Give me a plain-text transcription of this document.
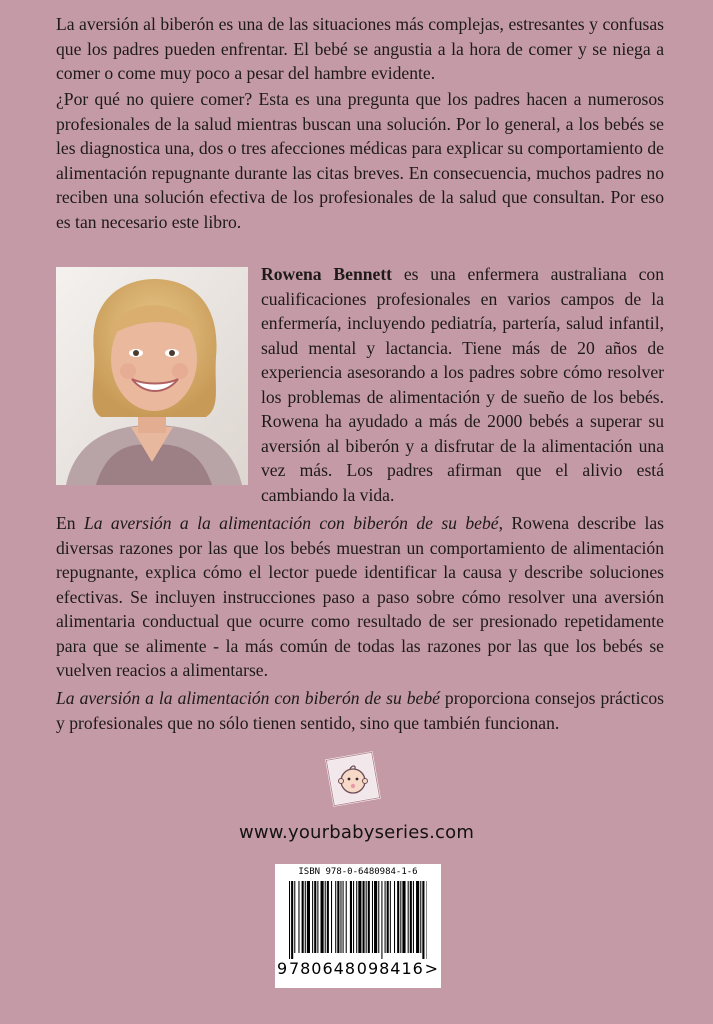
La aversión al biberón es una de las situaciones más complejas, estresantes y confusas que los padres pueden enfrentar. El bebé se angustia a la hora de comer y se niega a comer o come muy poco a pesar del hambre evidente.

¿Por qué no quiere comer? Esta es una pregunta que los padres hacen a numerosos profesionales de la salud mientras buscan una solución. Por lo general, a los bebés se les diagnostica una, dos o tres afecciones médicas para explicar su comportamiento de alimentación repugnante durante las citas breves. En consecuencia, muchos padres no reciben una solución efectiva de los profesionales de la salud que consultan. Por eso es tan necesario este libro.

Rowena Bennett es una enfermera australiana con cualificaciones profesionales en varios campos de la enfermería, incluyendo pediatría, partería, salud infantil, salud mental y lactancia. Tiene más de 20 años de experiencia asesorando a los padres sobre cómo resolver los problemas de alimentación y de sueño de los bebés. Rowena ha ayudado a más de 2000 bebés a superar su aversión al biberón y a disfrutar de la alimentación una vez más. Los padres afirman que el alivio está cambiando la vida.

En La aversión a la alimentación con biberón de su bebé, Rowena describe las diversas razones por las que los bebés muestran un comportamiento de alimentación repugnante, explica cómo el lector puede identificar la causa y describe soluciones efectivas. Se incluyen instrucciones paso a paso sobre cómo resolver una aversión alimentaria conductual que ocurre como resultado de ser presionado repetidamente para que se alimente - la más común de todas las razones por las que los bebés se vuelven reacios a alimentarse.

La aversión a la alimentación con biberón de su bebé proporciona consejos prácticos y profesionales que no sólo tienen sentido, sino que también funcionan.

www.yourbabyseries.com
ISBN 978-0-6480984-1-6
9 780648 098416 >
